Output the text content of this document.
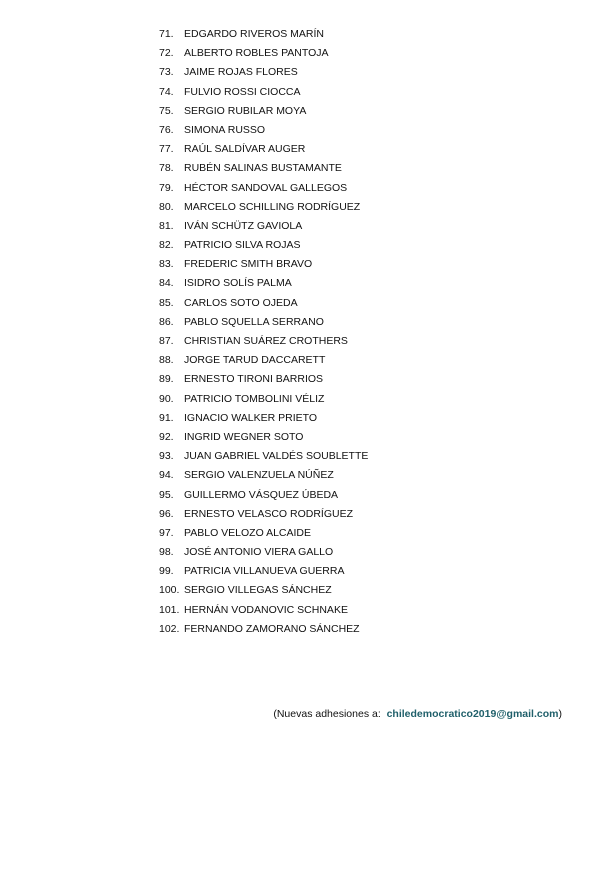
71. EDGARDO RIVEROS MARÍN
72. ALBERTO ROBLES PANTOJA
73. JAIME ROJAS FLORES
74. FULVIO ROSSI CIOCCA
75. SERGIO RUBILAR MOYA
76. SIMONA RUSSO
77. RAÚL SALDÍVAR AUGER
78. RUBÉN SALINAS BUSTAMANTE
79. HÉCTOR SANDOVAL GALLEGOS
80. MARCELO SCHILLING RODRÍGUEZ
81. IVÁN SCHÜTZ GAVIOLA
82. PATRICIO SILVA ROJAS
83. FREDERIC SMITH BRAVO
84. ISIDRO SOLÍS PALMA
85. CARLOS SOTO OJEDA
86. PABLO SQUELLA SERRANO
87. CHRISTIAN SUÁREZ CROTHERS
88. JORGE TARUD DACCARETT
89. ERNESTO TIRONI BARRIOS
90. PATRICIO TOMBOLINI VÉLIZ
91. IGNACIO WALKER PRIETO
92. INGRID WEGNER SOTO
93. JUAN GABRIEL VALDÉS SOUBLETTE
94. SERGIO VALENZUELA NÚÑEZ
95. GUILLERMO VÁSQUEZ ÚBEDA
96. ERNESTO VELASCO RODRÍGUEZ
97. PABLO VELOZO ALCAIDE
98. JOSÉ ANTONIO VIERA GALLO
99. PATRICIA VILLANUEVA GUERRA
100. SERGIO VILLEGAS SÁNCHEZ
101. HERNÁN VODANOVIC SCHNAKE
102. FERNANDO ZAMORANO SÁNCHEZ
(Nuevas adhesiones a: chiledemocratico2019@gmail.com)
